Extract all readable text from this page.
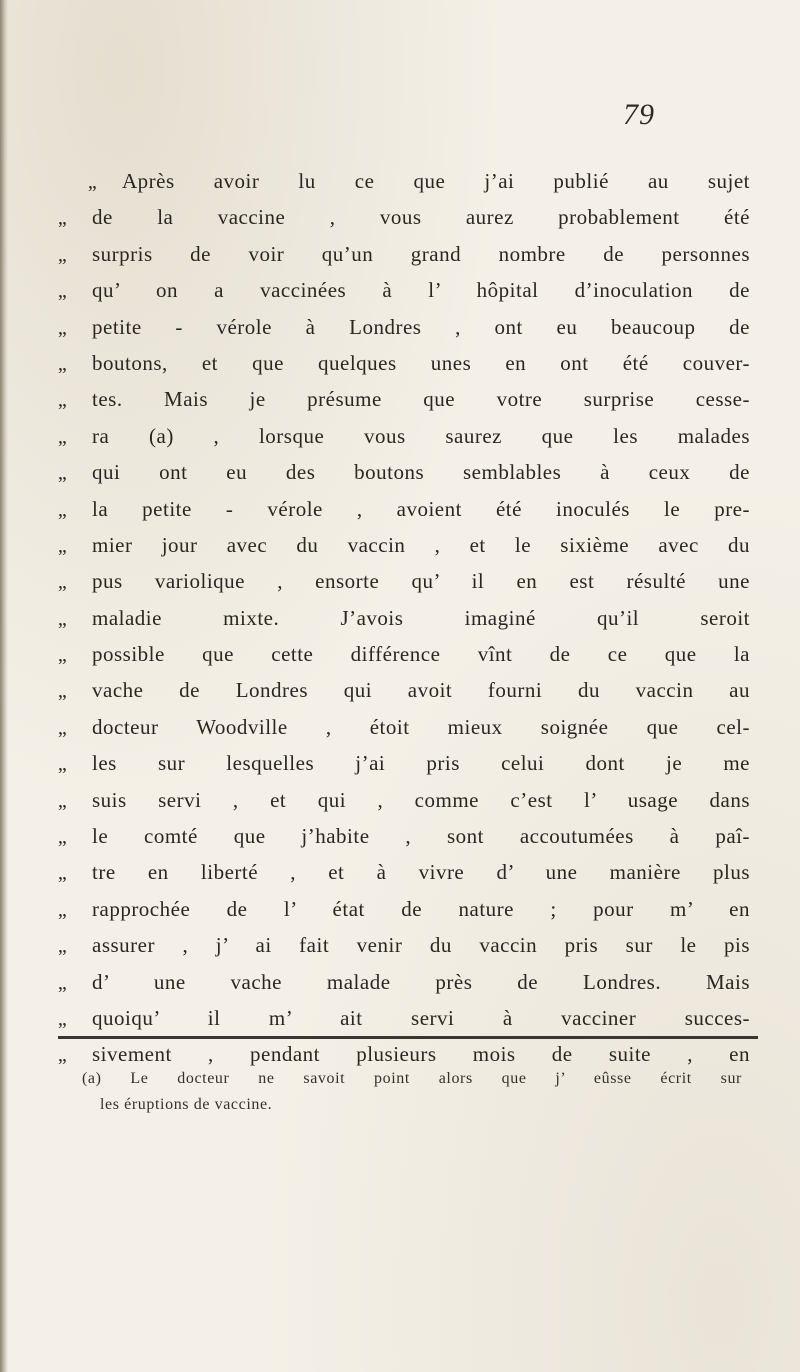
79
,, Après avoir lu ce que j’ai publié au sujet
,, de la vaccine , vous aurez probablement été
,, surpris de voir qu’un grand nombre de personnes
,, qu’ on a vaccinées à l’ hôpital d’inoculation de
,, petite - vérole à Londres , ont eu beaucoup de
,, boutons, et que quelques unes en ont été couver-
,, tes. Mais je présume que votre surprise cesse-
,, ra (a) , lorsque vous saurez que les malades
,, qui ont eu des boutons semblables à ceux de
,, la petite - vérole , avoient été inoculés le pre-
,, mier jour avec du vaccin , et le sixième avec du
,, pus variolique , ensorte qu’ il en est résulté une
,, maladie mixte. J’avois imaginé qu’il seroit
,, possible que cette différence vînt de ce que la
,, vache de Londres qui avoit fourni du vaccin au
,, docteur Woodville , étoit mieux soignée que cel-
,, les sur lesquelles j’ai pris celui dont je me
,, suis servi , et qui , comme c’est l’ usage dans
,, le comté que j’habite , sont accoutumées à paî-
,, tre en liberté , et à vivre d’ une manière plus
,, rapprochée de l’ état de nature ; pour m’ en
,, assurer , j’ ai fait venir du vaccin pris sur le pis
,, d’ une vache malade près de Londres. Mais
,, quoiqu’ il m’ ait servi à vacciner succes-
,, sivement , pendant plusieurs mois de suite , en
(a) Le docteur ne savoit point alors que j’ eûsse écrit sur
les éruptions de vaccine.
